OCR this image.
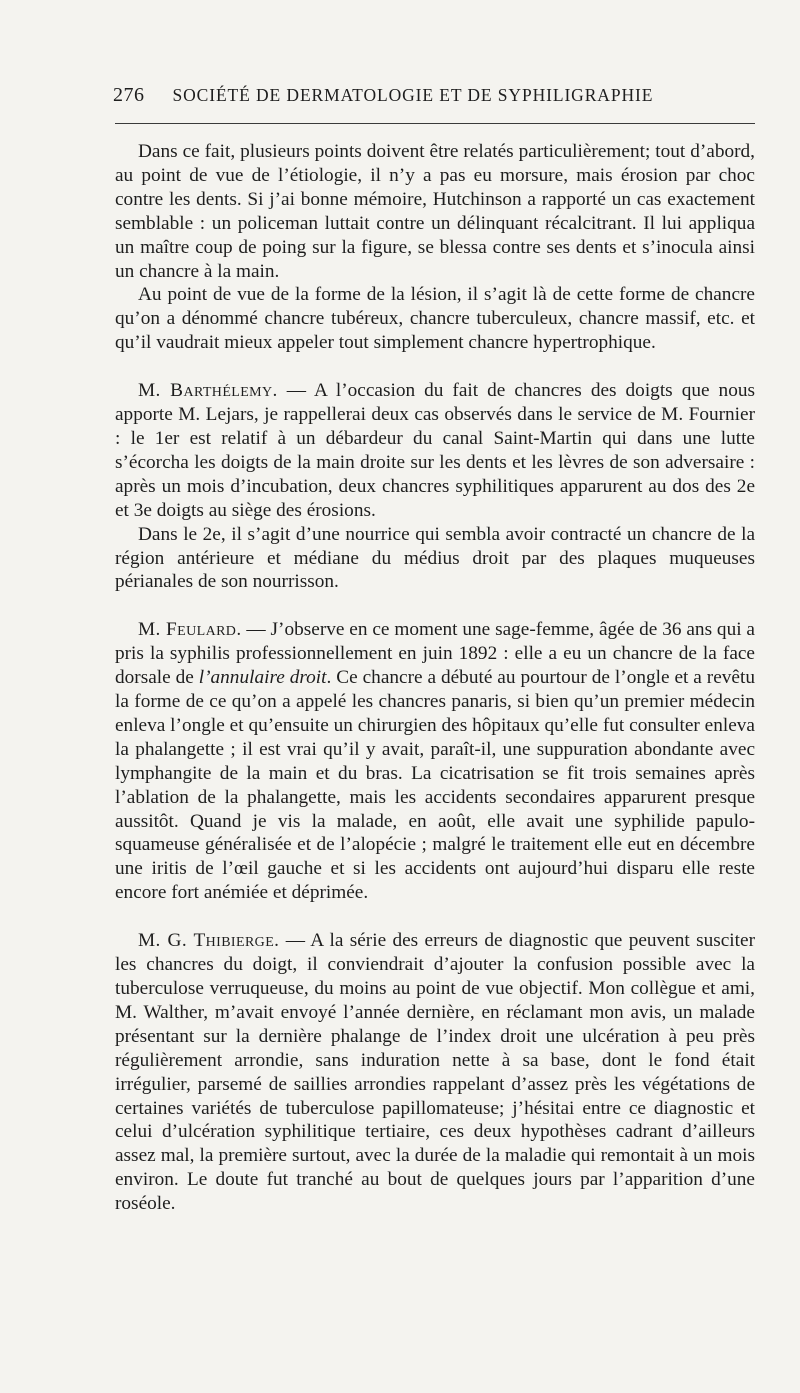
276 SOCIÉTÉ DE DERMATOLOGIE ET DE SYPHILIGRAPHIE

Dans ce fait, plusieurs points doivent être relatés particulièrement; tout d’abord, au point de vue de l’étiologie, il n’y a pas eu morsure, mais érosion par choc contre les dents. Si j’ai bonne mémoire, Hutchinson a rapporté un cas exactement semblable : un policeman luttait contre un délinquant récalcitrant. Il lui appliqua un maître coup de poing sur la figure, se blessa contre ses dents et s’inocula ainsi un chancre à la main.

Au point de vue de la forme de la lésion, il s’agit là de cette forme de chancre qu’on a dénommé chancre tubéreux, chancre tuberculeux, chancre massif, etc. et qu’il vaudrait mieux appeler tout simplement chancre hypertrophique.

M. Barthélemy. — A l’occasion du fait de chancres des doigts que nous apporte M. Lejars, je rappellerai deux cas observés dans le service de M. Fournier : le 1er est relatif à un débardeur du canal Saint-Martin qui dans une lutte s’écorcha les doigts de la main droite sur les dents et les lèvres de son adversaire : après un mois d’incubation, deux chancres syphilitiques apparurent au dos des 2e et 3e doigts au siège des érosions.

Dans le 2e, il s’agit d’une nourrice qui sembla avoir contracté un chancre de la région antérieure et médiane du médius droit par des plaques muqueuses périanales de son nourrisson.

M. Feulard. — J’observe en ce moment une sage-femme, âgée de 36 ans qui a pris la syphilis professionnellement en juin 1892 : elle a eu un chancre de la face dorsale de l’annulaire droit. Ce chancre a débuté au pourtour de l’ongle et a revêtu la forme de ce qu’on a appelé les chancres panaris, si bien qu’un premier médecin enleva l’ongle et qu’ensuite un chirurgien des hôpitaux qu’elle fut consulter enleva la phalangette ; il est vrai qu’il y avait, paraît-il, une suppuration abondante avec lymphangite de la main et du bras. La cicatrisation se fit trois semaines après l’ablation de la phalangette, mais les accidents secondaires apparurent presque aussitôt. Quand je vis la malade, en août, elle avait une syphilide papulo-squameuse généralisée et de l’alopécie ; malgré le traitement elle eut en décembre une iritis de l’œil gauche et si les accidents ont aujourd’hui disparu elle reste encore fort anémiée et déprimée.

M. G. Thibierge. — A la série des erreurs de diagnostic que peuvent susciter les chancres du doigt, il conviendrait d’ajouter la confusion possible avec la tuberculose verruqueuse, du moins au point de vue objectif. Mon collègue et ami, M. Walther, m’avait envoyé l’année dernière, en réclamant mon avis, un malade présentant sur la dernière phalange de l’index droit une ulcération à peu près régulièrement arrondie, sans induration nette à sa base, dont le fond était irrégulier, parsemé de saillies arrondies rappelant d’assez près les végétations de certaines variétés de tuberculose papillomateuse; j’hésitai entre ce diagnostic et celui d’ulcération syphilitique tertiaire, ces deux hypothèses cadrant d’ailleurs assez mal, la première surtout, avec la durée de la maladie qui remontait à un mois environ. Le doute fut tranché au bout de quelques jours par l’apparition d’une roséole.
